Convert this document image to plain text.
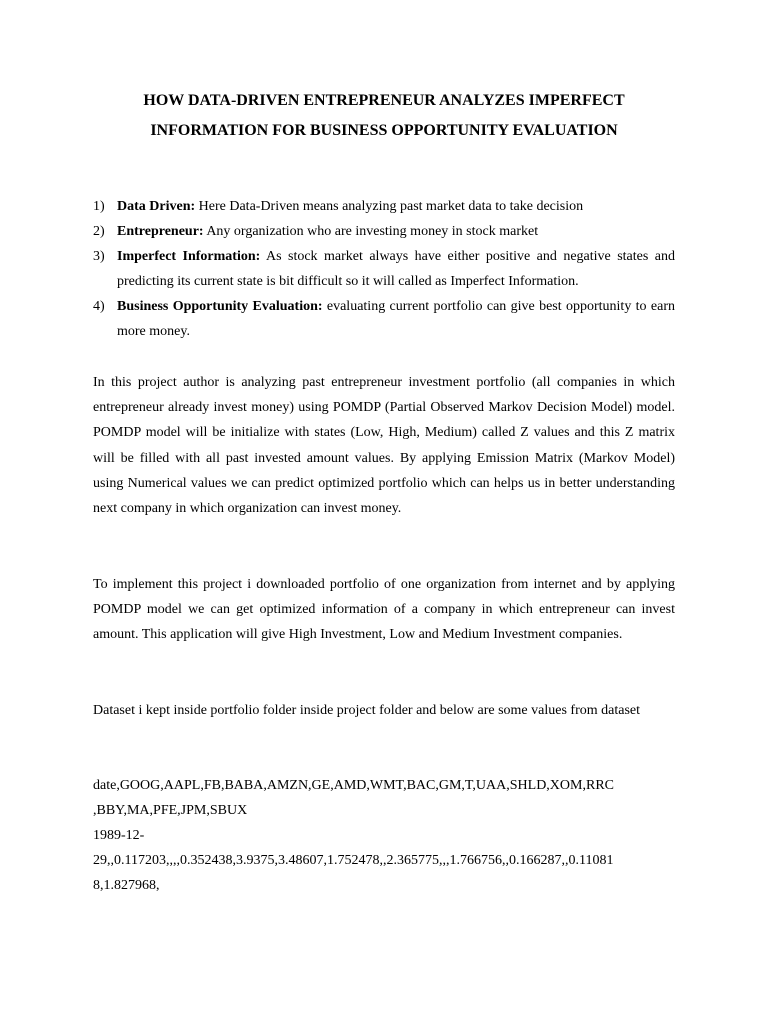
HOW DATA-DRIVEN ENTREPRENEUR ANALYZES IMPERFECT
INFORMATION FOR BUSINESS OPPORTUNITY EVALUATION
1) Data Driven: Here Data-Driven means analyzing past market data to take decision
2) Entrepreneur: Any organization who are investing money in stock market
3) Imperfect Information: As stock market always have either positive and negative states and predicting its current state is bit difficult so it will called as Imperfect Information.
4) Business Opportunity Evaluation: evaluating current portfolio can give best opportunity to earn more money.

In this project author is analyzing past entrepreneur investment portfolio (all companies in which entrepreneur already invest money) using POMDP (Partial Observed Markov Decision Model) model. POMDP model will be initialize with states (Low, High, Medium) called Z values and this Z matrix will be filled with all past invested amount values. By applying Emission Matrix (Markov Model) using Numerical values we can predict optimized portfolio which can helps us in better understanding next company in which organization can invest money.

To implement this project i downloaded portfolio of one organization from internet and by applying POMDP model we can get optimized information of a company in which entrepreneur can invest amount. This application will give High Investment, Low and Medium Investment companies.

Dataset i kept inside portfolio folder inside project folder and below are some values from dataset

date,GOOG,AAPL,FB,BABA,AMZN,GE,AMD,WMT,BAC,GM,T,UAA,SHLD,XOM,RRC
,BBY,MA,PFE,JPM,SBUX
1989-12-
29,,0.117203,,,,0.352438,3.9375,3.48607,1.752478,,2.365775,,,1.766756,,0.166287,,0.11081
8,1.827968,
